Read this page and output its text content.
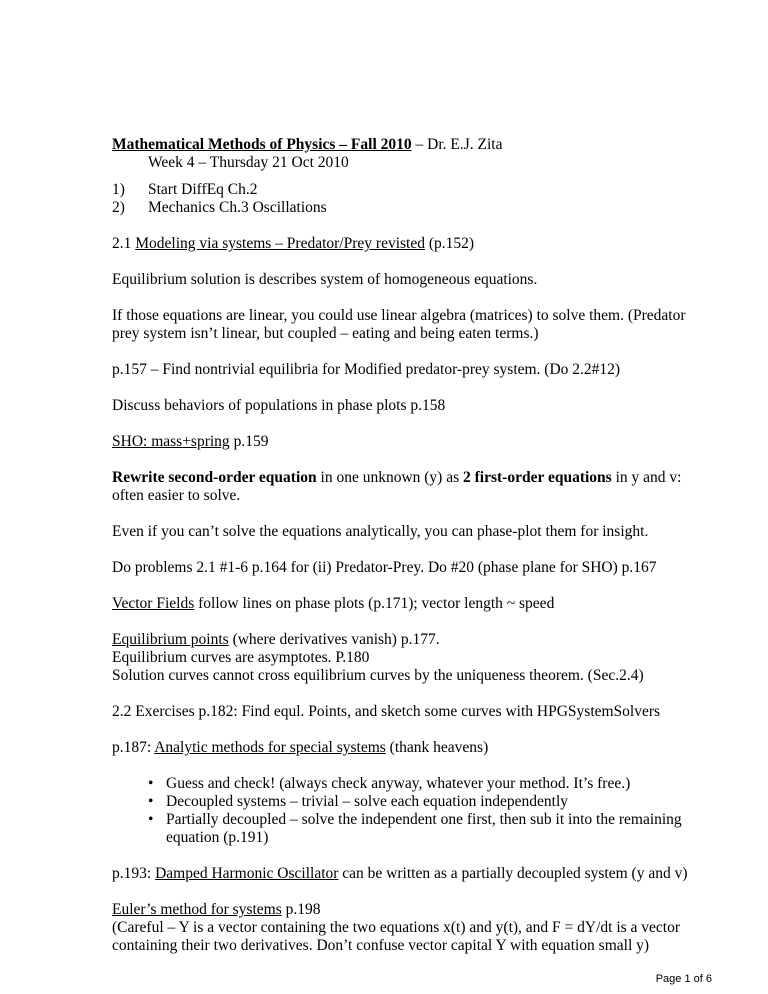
Mathematical Methods of Physics – Fall 2010 – Dr. E.J. Zita

Week 4 – Thursday 21 Oct 2010

1) Start DiffEq Ch.2
2) Mechanics Ch.3 Oscillations

2.1 Modeling via systems – Predator/Prey revisted (p.152)

Equilibrium solution is describes system of homogeneous equations.

If those equations are linear, you could use linear algebra (matrices) to solve them. (Predator

prey system isn’t linear, but coupled – eating and being eaten terms.)

p.157 – Find nontrivial equilibria for Modified predator-prey system. (Do 2.2#12)

Discuss behaviors of populations in phase plots p.158

SHO: mass+spring p.159

Rewrite second-order equation in one unknown (y) as 2 first-order equations in y and v:

often easier to solve.

Even if you can’t solve the equations analytically, you can phase-plot them for insight.

Do problems 2.1 #1-6 p.164 for (ii) Predator-Prey. Do #20 (phase plane for SHO) p.167

Vector Fields follow lines on phase plots (p.171); vector length ~ speed

Equilibrium points (where derivatives vanish) p.177.

Equilibrium curves are asymptotes. P.180

Solution curves cannot cross equilibrium curves by the uniqueness theorem. (Sec.2.4)

2.2 Exercises p.182: Find equl. Points, and sketch some curves with HPGSystemSolvers

p.187: Analytic methods for special systems (thank heavens)

• Guess and check! (always check anyway, whatever your method. It’s free.)
• Decoupled systems – trivial – solve each equation independently
• Partially decoupled – solve the independent one first, then sub it into the remaining equation (p.191)

p.193: Damped Harmonic Oscillator can be written as a partially decoupled system (y and v)

Euler’s method for systems p.198

(Careful – Y is a vector containing the two equations x(t) and y(t), and F = dY/dt is a vector

containing their two derivatives. Don’t confuse vector capital Y with equation small y)

Page 1 of 6
